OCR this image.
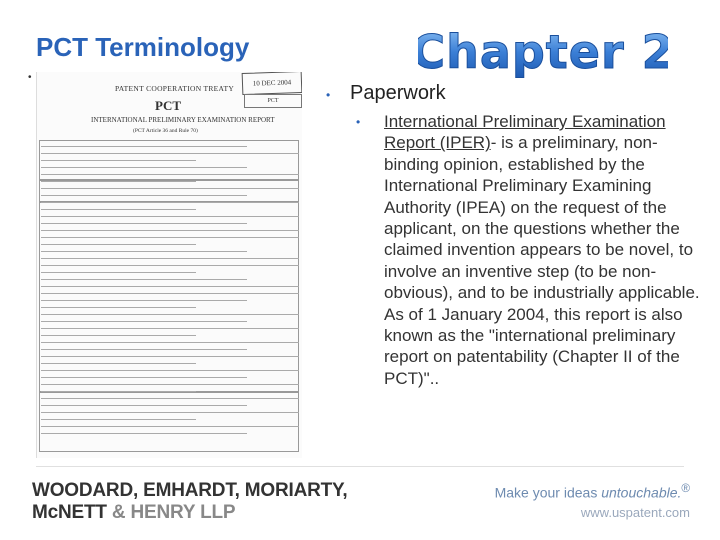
PCT Terminology
•	Chapter 2
10 DEC 2004
PCT
PATENT COOPERATION TREATY
PCT
INTERNATIONAL PRELIMINARY EXAMINATION REPORT
(PCT Article 36 and Rule 70)
• Paperwork
•	International Preliminary Examination Report (IPER)- is a preliminary, non-binding opinion, established by the International Preliminary Examining Authority (IPEA) on the request of the applicant, on the questions whether the claimed invention appears to be novel, to involve an inventive step (to be non-obvious), and to be industrially applicable. As of 1 January 2004, this report is also known as the "international preliminary report on patentability (Chapter II of the PCT)"..
WOODARD, EMHARDT, MORIARTY,
McNETT & HENRY LLP
Make your ideas untouchable.®
www.uspatent.com
